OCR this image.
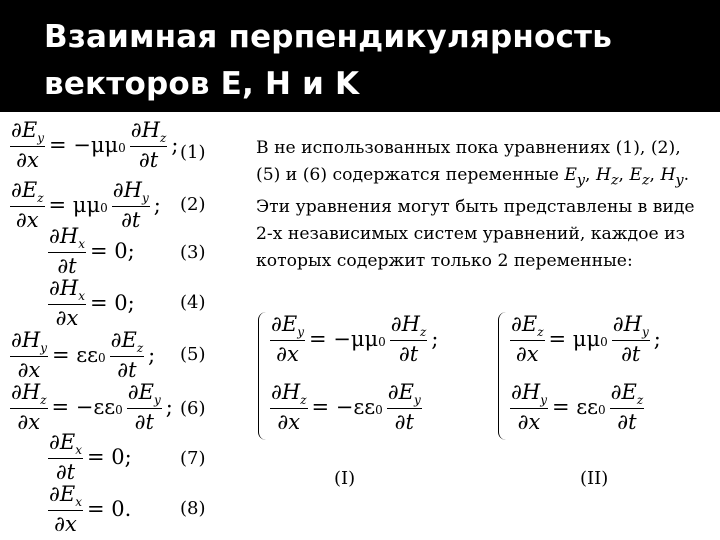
Взаимная перпендикулярность
векторов E, H и K
$\partial E_y$
∂x
= −μμ0
$\partial H_z$
∂t
; (1)
$\partial E_z$
∂x
= μμ0
$\partial H_y$
∂t
; (2)
$\partial H_x$
∂t
= 0;	(3)
$\partial H_x$
∂x
= 0;	(4)
$\partial H_y$
∂x
= εε0
$\partial E_z$
∂t
; (5)
$\partial H_z$
∂x
= −εε0
$\partial E_y$
∂t
; (6)
$\partial E_x$
∂t
= 0;	(7)
$\partial E_x$
∂x
= 0.	(8)
В не использованных пока уравнениях (1), (2), (5) и (6) содержатся переменные $E_y$, $H_z$, $E_z$, $H_y$. Эти уравнения могут быть представлены в виде 2-х независимых систем уравнений, каждое из которых содержит только 2 переменные:
$\partial E_y$
∂x
= −μμ0
$\partial H_z$
∂t
;
$\partial H_z$
∂x
= −εε0
$\partial E_y$
∂t
(I)
$\partial E_z$
∂x
= μμ0
$\partial H_y$
∂t
;
$\partial H_y$
∂x
= εε0
$\partial E_z$
∂t
(II)
